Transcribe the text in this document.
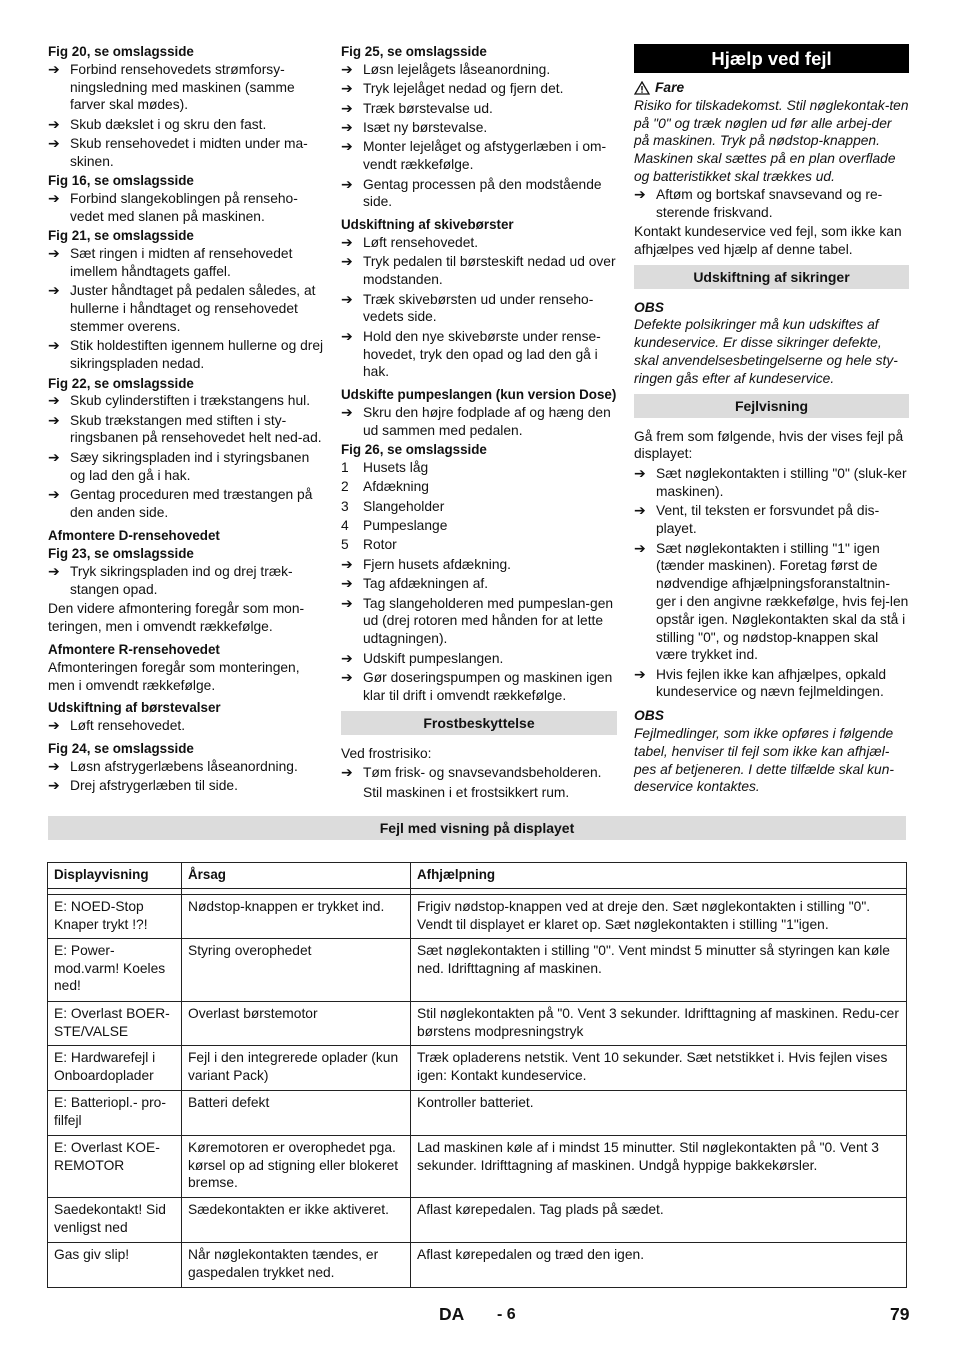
Fig 20, se omslagsside
➔ Forbind rensehovedets strømforsy-ningsledning med maskinen (samme farver skal mødes).
➔ Skub dækslet i og skru den fast.
➔ Skub rensehovedet i midten under ma-skinen.
Fig 16, se omslagsside
➔ Forbind slangekoblingen på renseho-vedet med slanen på maskinen.
Fig 21, se omslagsside
➔ Sæt ringen i midten af rensehovedet imellem håndtagets gaffel.
➔ Juster håndtaget på pedalen således, at hullerne i håndtaget og rensehovedet stemmer overens.
➔ Stik holdestiften igennem hullerne og drej sikringspladen nedad.
Fig 22, se omslagsside
➔ Skub cylinderstiften i trækstangens hul.
➔ Skub trækstangen med stiften i sty-ringsbanen på rensehovedet helt ned-ad.
➔ Sæy sikringspladen ind i styringsbanen og lad den gå i hak.
➔ Gentag proceduren med træstangen på den anden side.
Afmontere D-rensehovedet
Fig 23, se omslagsside
➔ Tryk sikringspladen ind og drej træk-stangen opad.
Den videre afmontering foregår som mon-teringen, men i omvendt rækkefølge.
Afmontere R-rensehovedet
Afmonteringen foregår som monteringen, men i omvendt rækkefølge.
Udskiftning af børstevalser
➔ Løft rensehovedet.
Fig 24, se omslagsside
➔ Løsn afstrygerlæbens låseanordning.
➔ Drej afstrygerlæben til side.
Fig 25, se omslagsside
➔ Løsn lejelågets låseanordning.
➔ Tryk lejelåget nedad og fjern det.
➔ Træk børstevalse ud.
➔ Isæt ny børstevalse.
➔ Monter lejelåget og afstygerlæben i om-vendt rækkefølge.
➔ Gentag processen på den modstående side.
Udskiftning af skivebørster
➔ Løft rensehovedet.
➔ Tryk pedalen til børsteskift nedad ud over modstanden.
➔ Træk skivebørsten ud under renseho-vedets side.
➔ Hold den nye skivebørste under rense-hovedet, tryk den opad og lad den gå i hak.
Udskifte pumpeslangen (kun version Dose)
➔ Skru den højre fodplade af og hæng den ud sammen med pedalen.
Fig 26, se omslagsside
1	Husets låg
2	Afdækning
3	Slangeholder
4	Pumpeslange
5	Rotor
➔ Fjern husets afdækning.
➔ Tag afdækningen af.
➔ Tag slangeholderen med pumpeslan-gen ud (drej rotoren med hånden for at lette udtagningen).
➔ Udskift pumpeslangen.
➔ Gør doseringspumpen og maskinen igen klar til drift i omvendt rækkefølge.
Frostbeskyttelse
Ved frostrisiko:
➔ Tøm frisk- og snavsevandsbeholderen.
Stil maskinen i et frostsikkert rum.
Hjælp ved fejl
Fare
Risiko for tilskadekomst. Stil nøglekontak-ten på "0" og træk nøglen ud før alle arbej-der på maskinen. Tryk på nødstop-knappen.
Maskinen skal sættes på en plan overflade og batteristikket skal trækkes ud.
➔ Aftøm og bortskaf snavsevand og re-sterende friskvand.
Kontakt kundeservice ved fejl, som ikke kan afhjælpes ved hjælp af denne tabel.
Udskiftning af sikringer
OBS
Defekte polsikringer må kun udskiftes af kundeservice. Er disse sikringer defekte, skal anvendelsesbetingelserne og hele sty-ringen gås efter af kundeservice.
Fejlvisning
Gå frem som følgende, hvis der vises fejl på displayet:
➔ Sæt nøglekontakten i stilling "0" (sluk-ker maskinen).
➔ Vent, til teksten er forsvundet på dis-playet.
➔ Sæt nøglekontakten i stilling "1" igen (tænder maskinen). Foretag først de nødvendige afhjælpningsforanstaltnin-ger i den angivne rækkefølge, hvis fej-len opstår igen. Nøglekontakten skal da stå i stilling "0", og nødstop-knappen skal være trykket ind.
➔ Hvis fejlen ikke kan afhjælpes, opkald kundeservice og nævn fejlmeldingen.
OBS
Fejlmedlinger, som ikke opføres i følgende tabel, henviser til fejl som ikke kan afhjæl-pes af betjeneren. I dette tilfælde skal kun-deservice kontaktes.
Fejl med visning på displayet
Displayvisning	Årsag	Afhjælpning

E: NOED-Stop Knaper trykt !?!	Nødstop-knappen er trykket ind.	Frigiv nødstop-knappen ved at dreje den. Sæt nøglekontakten i stilling "0". Vendt til displayet er klaret op. Sæt nøglekontakten i stilling "1"igen.
E: Power-mod.varm! Koeles ned!	Styring overophedet	Sæt nøglekontakten i stilling "0". Vent mindst 5 minutter så styringen kan køle ned. Idrifttagning af maskinen.
E: Overlast BOER-STE/VALSE	Overlast børstemotor	Stil nøglekontakten på "0. Vent 3 sekunder. Idrifttagning af maskinen. Redu-cer børstens modpresningstryk
E: Hardwarefejl i Onboardoplader	Fejl i den integrerede oplader (kun variant Pack)	Træk opladerens netstik. Vent 10 sekunder. Sæt netstikket i. Hvis fejlen vises igen: Kontakt kundeservice.
E: Batteriopl.- pro-filfejl	Batteri defekt	Kontroller batteriet.
E: Overlast KOE-REMOTOR	Køremotoren er overophedet pga. kørsel op ad stigning eller blokeret bremse.	Lad maskinen køle af i mindst 15 minutter. Stil nøglekontakten på "0. Vent 3 sekunder. Idrifttagning af maskinen. Undgå hyppige bakkekørsler.
Saedekontakt! Sid venligst ned	Sædekontakten er ikke aktiveret.	Aflast kørepedalen. Tag plads på sædet.
Gas giv slip!	Når nøglekontakten tændes, er gaspedalen trykket ned.	Aflast kørepedalen og træd den igen.
DA - 6	79
